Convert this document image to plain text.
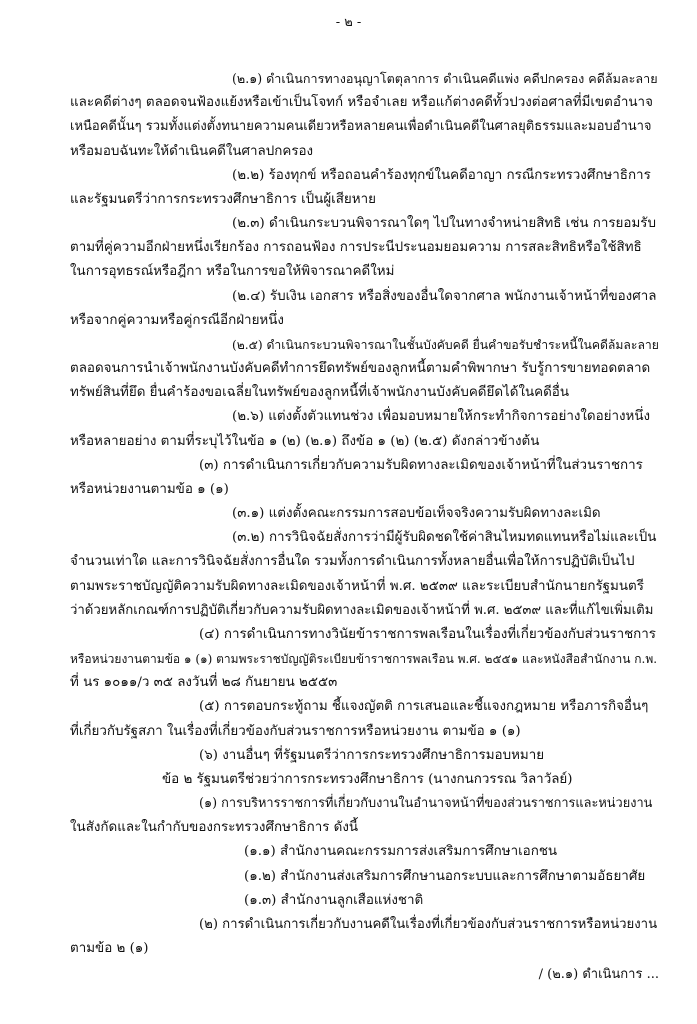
- ๒ -
(๒.๑) ดำเนินการทางอนุญาโตตุลาการ ดำเนินคดีแพ่ง คดีปกครอง คดีล้มละลาย
และคดีต่างๆ ตลอดจนฟ้องแย้งหรือเข้าเป็นโจทก์ หรือจำเลย หรือแก้ต่างคดีทั้วปวงต่อศาลที่มีเขตอำนาจ
เหนือคดีนั้นๆ รวมทั้งแต่งตั้งทนายความคนเดียวหรือหลายคนเพื่อดำเนินคดีในศาลยุติธรรมและมอบอำนาจ
หรือมอบฉันทะให้ดำเนินคดีในศาลปกครอง
(๒.๒) ร้องทุกข์ หรือถอนคำร้องทุกข์ในคดีอาญา กรณีกระทรวงศึกษาธิการ
และรัฐมนตรีว่าการกระทรวงศึกษาธิการ เป็นผู้เสียหาย
(๒.๓) ดำเนินกระบวนพิจารณาใดๆ ไปในทางจำหน่ายสิทธิ เช่น การยอมรับ
ตามที่คู่ความอีกฝ่ายหนึ่งเรียกร้อง การถอนฟ้อง การประนีประนอมยอมความ การสละสิทธิหรือใช้สิทธิ
ในการอุทธรณ์หรือฎีกา หรือในการขอให้พิจารณาคดีใหม่
(๒.๔) รับเงิน เอกสาร หรือสิ่งของอื่นใดจากศาล พนักงานเจ้าหน้าที่ของศาล
หรือจากคู่ความหรือคู่กรณีอีกฝ่ายหนึ่ง
(๒.๕) ดำเนินกระบวนพิจารณาในชั้นบังคับคดี ยื่นคำขอรับชำระหนี้ในคดีล้มละลาย
ตลอดจนการนำเจ้าพนักงานบังคับคดีทำการยึดทรัพย์ของลูกหนี้ตามคำพิพากษา รับรู้การขายทอดตลาด
ทรัพย์สินที่ยึด ยื่นคำร้องขอเฉลี่ยในทรัพย์ของลูกหนี้ที่เจ้าพนักงานบังคับคดียึดได้ในคดีอื่น
(๒.๖) แต่งตั้งตัวแทนช่วง เพื่อมอบหมายให้กระทำกิจการอย่างใดอย่างหนึ่ง
หรือหลายอย่าง ตามที่ระบุไว้ในข้อ ๑ (๒) (๒.๑) ถึงข้อ ๑ (๒) (๒.๕) ดังกล่าวข้างต้น
(๓) การดำเนินการเกี่ยวกับความรับผิดทางละเมิดของเจ้าหน้าที่ในส่วนราชการ
หรือหน่วยงานตามข้อ ๑ (๑)
(๓.๑) แต่งตั้งคณะกรรมการสอบข้อเท็จจริงความรับผิดทางละเมิด
(๓.๒) การวินิจฉัยสั่งการว่ามีผู้รับผิดชดใช้ค่าสินไหมทดแทนหรือไม่และเป็น
จำนวนเท่าใด และการวินิจฉัยสั่งการอื่นใด รวมทั้งการดำเนินการทั้งหลายอื่นเพื่อให้การปฏิบัติเป็นไป
ตามพระราชบัญญัติความรับผิดทางละเมิดของเจ้าหน้าที่ พ.ศ. ๒๕๓๙ และระเบียบสำนักนายกรัฐมนตรี
ว่าด้วยหลักเกณฑ์การปฏิบัติเกี่ยวกับความรับผิดทางละเมิดของเจ้าหน้าที่ พ.ศ. ๒๕๓๙ และที่แก้ไขเพิ่มเติม
(๔) การดำเนินการทางวินัยข้าราชการพลเรือนในเรื่องที่เกี่ยวข้องกับส่วนราชการ
หรือหน่วยงานตามข้อ ๑ (๑) ตามพระราชบัญญัติระเบียบข้าราชการพลเรือน พ.ศ. ๒๕๕๑ และหนังสือสำนักงาน ก.พ.
ที่ นร ๑๐๑๑/ว ๓๕ ลงวันที่ ๒๘ กันยายน ๒๕๕๓
(๕) การตอบกระทู้ถาม ชี้แจงญัตติ การเสนอและชี้แจงกฎหมาย หรือภารกิจอื่นๆ
ที่เกี่ยวกับรัฐสภา ในเรื่องที่เกี่ยวข้องกับส่วนราชการหรือหน่วยงาน ตามข้อ ๑ (๑)
(๖) งานอื่นๆ ที่รัฐมนตรีว่าการกระทรวงศึกษาธิการมอบหมาย
ข้อ ๒ รัฐมนตรีช่วยว่าการกระทรวงศึกษาธิการ (นางกนกวรรณ วิลาวัลย์)
(๑) การบริหารราชการที่เกี่ยวกับงานในอำนาจหน้าที่ของส่วนราชการและหน่วยงาน
ในสังกัดและในกำกับของกระทรวงศึกษาธิการ ดังนี้
(๑.๑) สำนักงานคณะกรรมการส่งเสริมการศึกษาเอกชน
(๑.๒) สำนักงานส่งเสริมการศึกษานอกระบบและการศึกษาตามอัธยาศัย
(๑.๓) สำนักงานลูกเสือแห่งชาติ
(๒) การดำเนินการเกี่ยวกับงานคดีในเรื่องที่เกี่ยวข้องกับส่วนราชการหรือหน่วยงาน
ตามข้อ ๒ (๑)
/ (๒.๑) ดำเนินการ ...
